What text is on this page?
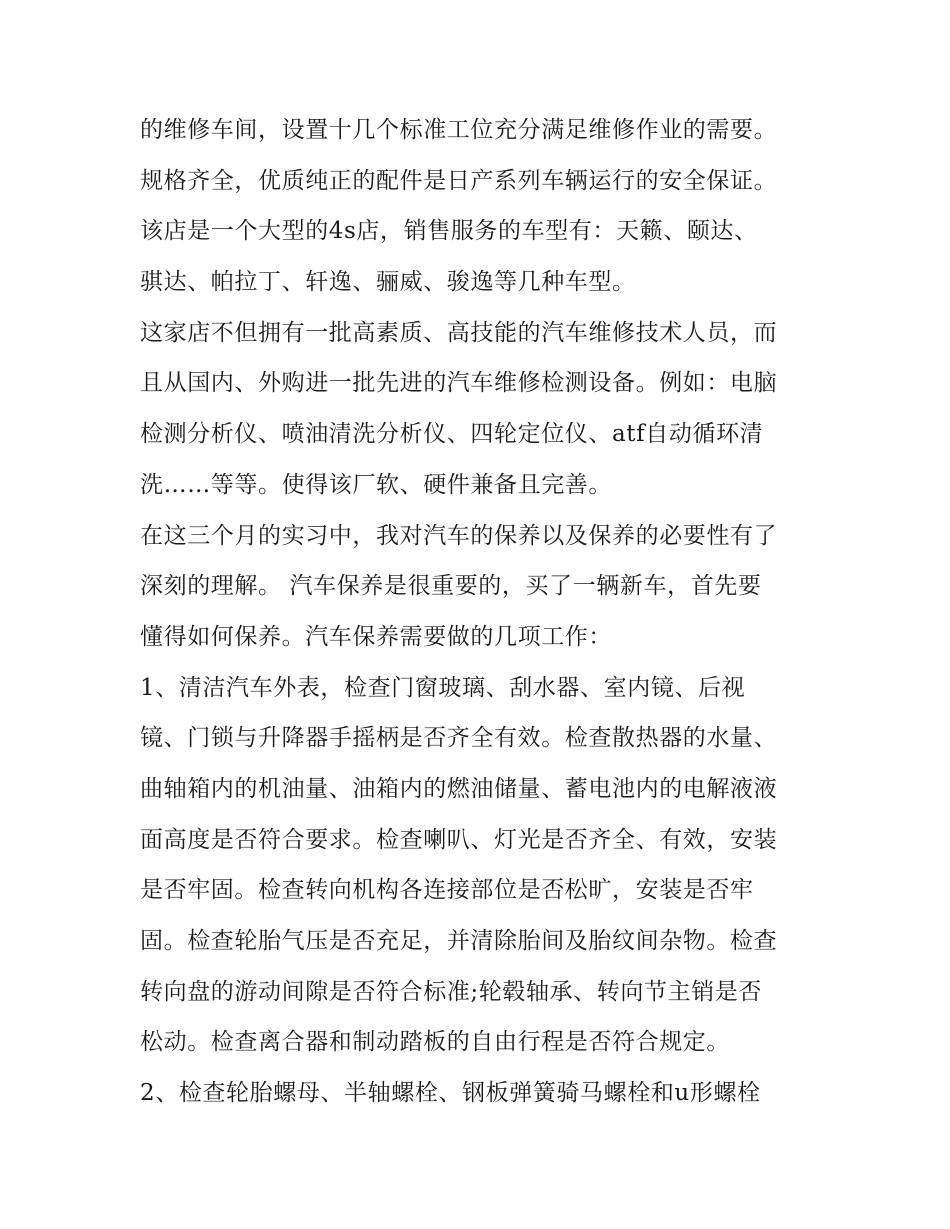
的维修车间，设置十几个标准工位充分满足维修作业的需要。
规格齐全，优质纯正的配件是日产系列车辆运行的安全保证。
该店是一个大型的4s店，销售服务的车型有：天籁、颐达、
骐达、帕拉丁、轩逸、骊威、骏逸等几种车型。
这家店不但拥有一批高素质、高技能的汽车维修技术人员，而
且从国内、外购进一批先进的汽车维修检测设备。例如：电脑
检测分析仪、喷油清洗分析仪、四轮定位仪、atf自动循环清
洗……等等。使得该厂软、硬件兼备且完善。
在这三个月的实习中，我对汽车的保养以及保养的必要性有了
深刻的理解。 汽车保养是很重要的，买了一辆新车，首先要
懂得如何保养。汽车保养需要做的几项工作：
1、清洁汽车外表，检查门窗玻璃、刮水器、室内镜、后视
镜、门锁与升降器手摇柄是否齐全有效。检查散热器的水量、
曲轴箱内的机油量、油箱内的燃油储量、蓄电池内的电解液液
面高度是否符合要求。检查喇叭、灯光是否齐全、有效，安装
是否牢固。检查转向机构各连接部位是否松旷，安装是否牢
固。检查轮胎气压是否充足，并清除胎间及胎纹间杂物。检查
转向盘的游动间隙是否符合标准;轮毂轴承、转向节主销是否
松动。检查离合器和制动踏板的自由行程是否符合规定。
2、检查轮胎螺母、半轴螺栓、钢板弹簧骑马螺栓和u形螺栓
